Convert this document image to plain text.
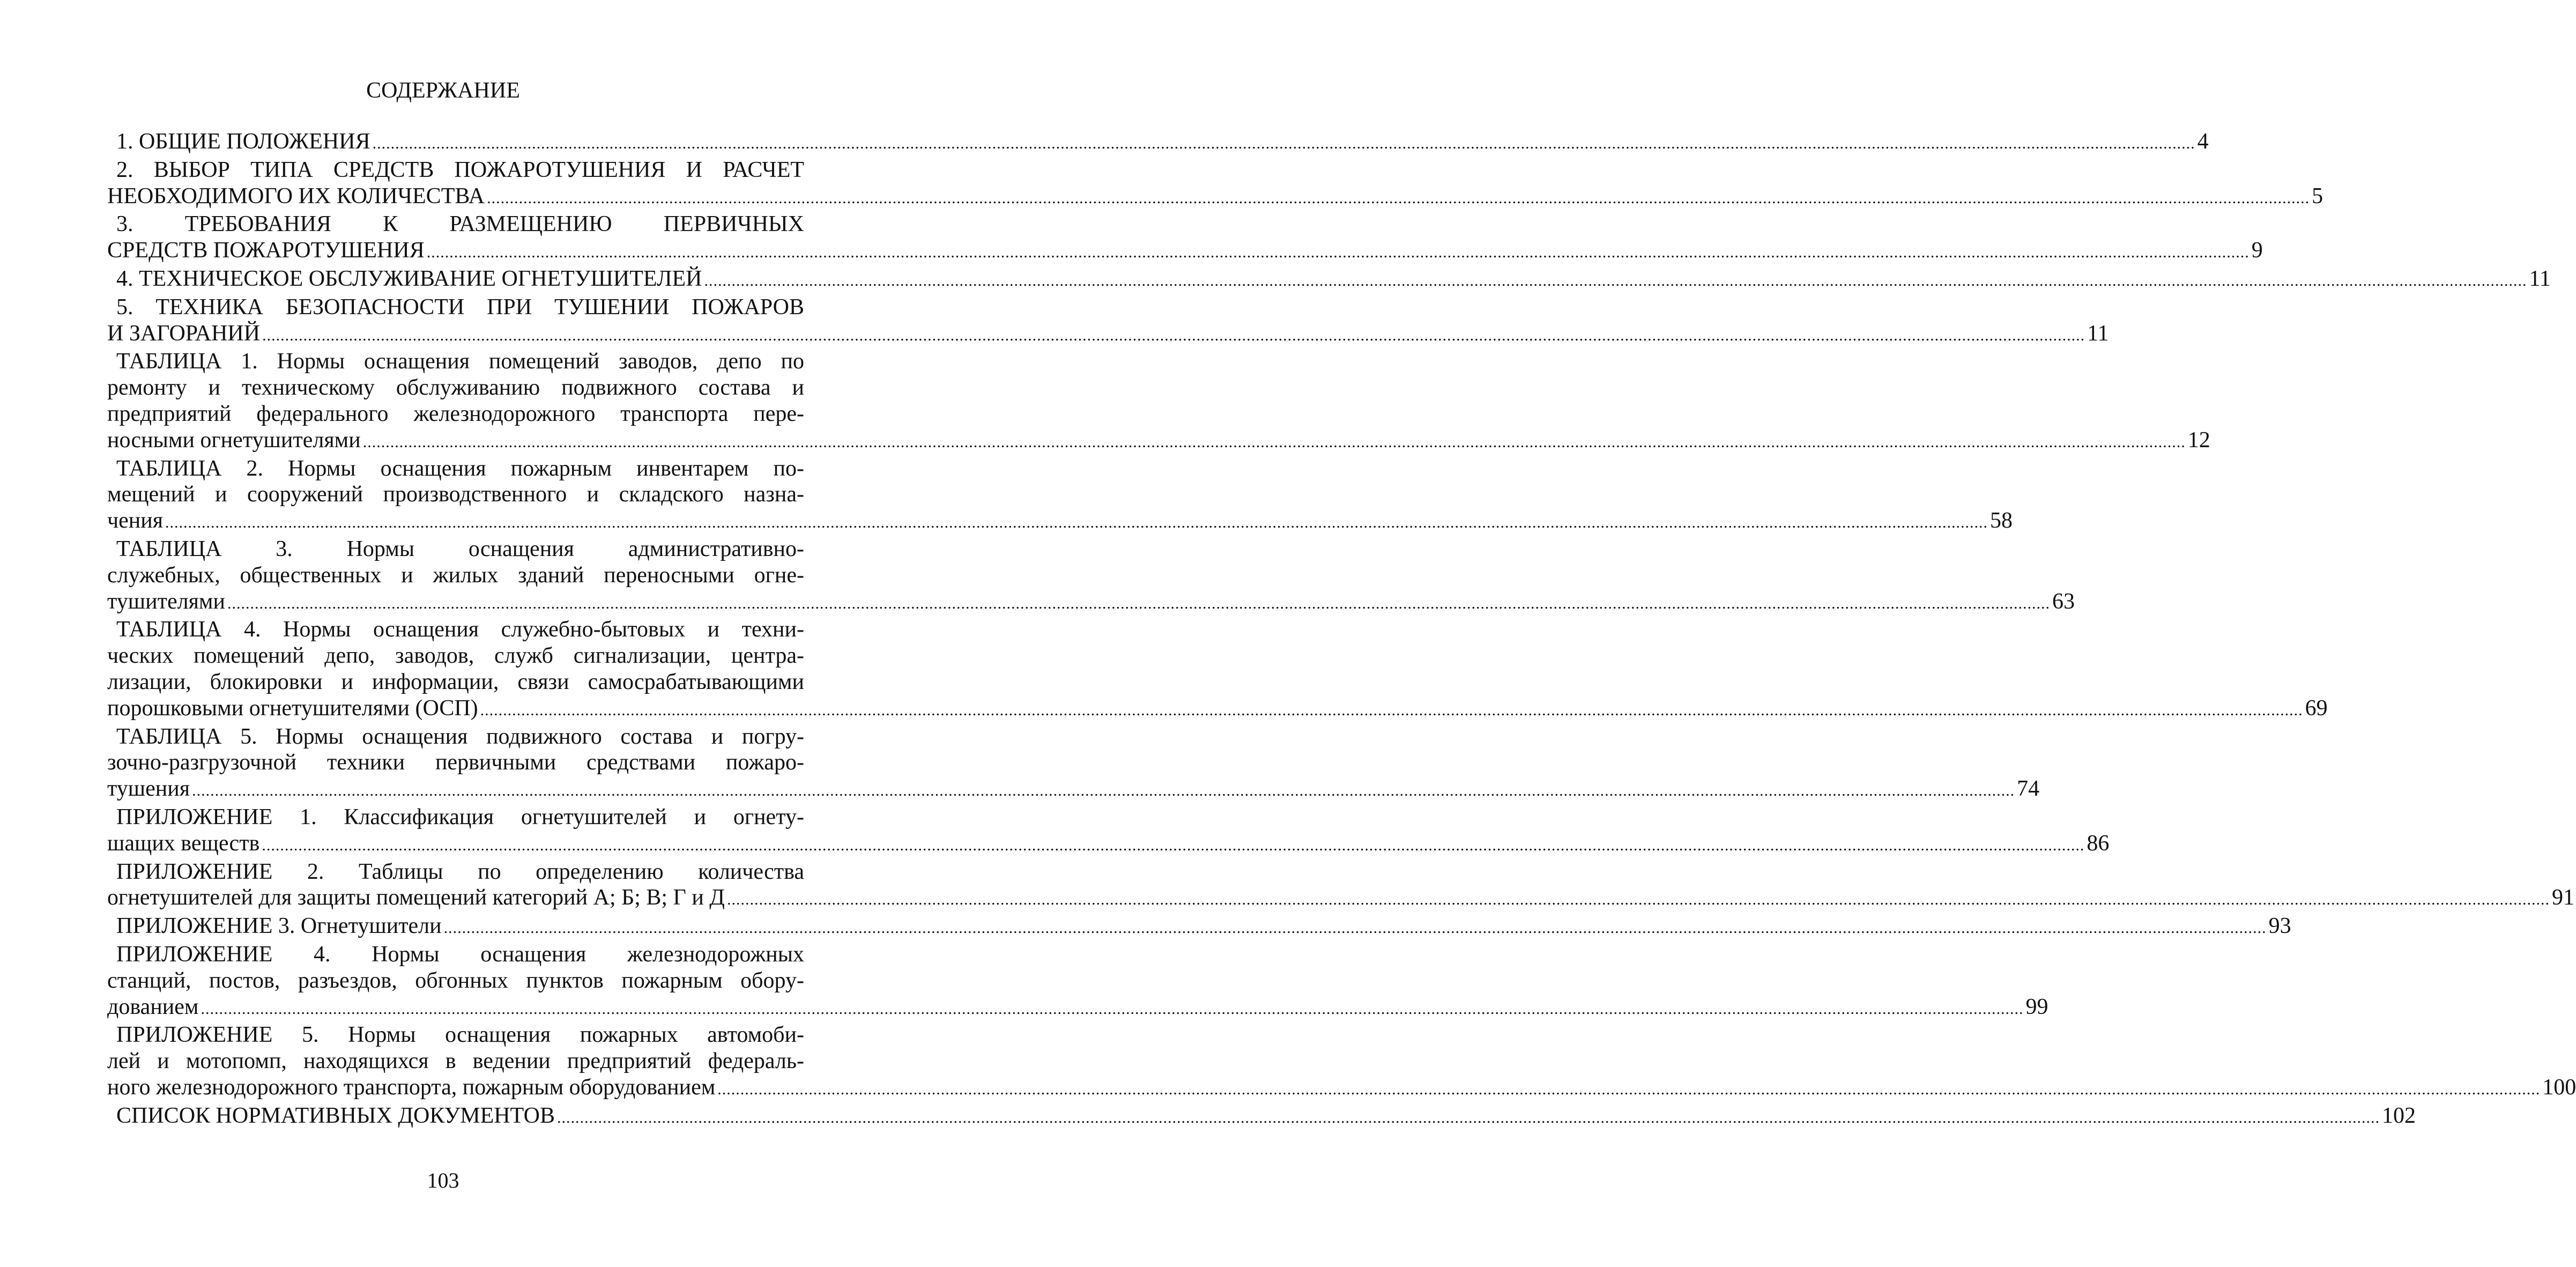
СОДЕРЖАНИЕ
1. ОБЩИЕ ПОЛОЖЕНИЯ ................................................................................................................................................................................................................................................................................................................................................................................................................ 4
2. ВЫБОР ТИПА СРЕДСТВ ПОЖАРОТУШЕНИЯ И РАСЧЕТ
НЕОБХОДИМОГО ИХ КОЛИЧЕСТВА ................................................................................................................................................................................................................................................................................................................................................................................................................ 5
3. ТРЕБОВАНИЯ К РАЗМЕЩЕНИЮ ПЕРВИЧНЫХ
СРЕДСТВ ПОЖАРОТУШЕНИЯ ................................................................................................................................................................................................................................................................................................................................................................................................................ 9
4. ТЕХНИЧЕСКОЕ ОБСЛУЖИВАНИЕ ОГНЕТУШИТЕЛЕЙ ................................................................................................................................................................................................................................................................................................................................................................................................................ 11
5. ТЕХНИКА БЕЗОПАСНОСТИ ПРИ ТУШЕНИИ ПОЖАРОВ
И ЗАГОРАНИЙ ................................................................................................................................................................................................................................................................................................................................................................................................................ 11
ТАБЛИЦА 1. Нормы оснащения помещений заводов, депо по
ремонту и техническому обслуживанию подвижного состава и
предприятий федерального железнодорожного транспорта пере-
носными огнетушителями ................................................................................................................................................................................................................................................................................................................................................................................................................ 12
ТАБЛИЦА 2. Нормы оснащения пожарным инвентарем по-
мещений и сооружений производственного и складского назна-
чения ................................................................................................................................................................................................................................................................................................................................................................................................................ 58
ТАБЛИЦА 3. Нормы оснащения административно-
служебных, общественных и жилых зданий переносными огне-
тушителями ................................................................................................................................................................................................................................................................................................................................................................................................................ 63
ТАБЛИЦА 4. Нормы оснащения служебно-бытовых и техни-
ческих помещений депо, заводов, служб сигнализации, центра-
лизации, блокировки и информации, связи самосрабатывающими
порошковыми огнетушителями (ОСП) ................................................................................................................................................................................................................................................................................................................................................................................................................ 69
ТАБЛИЦА 5. Нормы оснащения подвижного состава и погру-
зочно-разгрузочной техники первичными средствами пожаро-
тушения ................................................................................................................................................................................................................................................................................................................................................................................................................ 74
ПРИЛОЖЕНИЕ 1. Классификация огнетушителей и огнету-
шащих веществ ................................................................................................................................................................................................................................................................................................................................................................................................................ 86
ПРИЛОЖЕНИЕ 2. Таблицы по определению количества
огнетушителей для защиты помещений категорий А; Б; В; Г и Д ................................................................................................................................................................................................................................................................................................................................................................................................................ 91
ПРИЛОЖЕНИЕ 3. Огнетушители ................................................................................................................................................................................................................................................................................................................................................................................................................ 93
ПРИЛОЖЕНИЕ 4. Нормы оснащения железнодорожных
станций, постов, разъездов, обгонных пунктов пожарным обору-
дованием ................................................................................................................................................................................................................................................................................................................................................................................................................ 99
ПРИЛОЖЕНИЕ 5. Нормы оснащения пожарных автомоби-
лей и мотопомп, находящихся в ведении предприятий федераль-
ного железнодорожного транспорта, пожарным оборудованием ................................................................................................................................................................................................................................................................................................................................................................................................................ 100
СПИСОК НОРМАТИВНЫХ ДОКУМЕНТОВ ................................................................................................................................................................................................................................................................................................................................................................................................................ 102
103
